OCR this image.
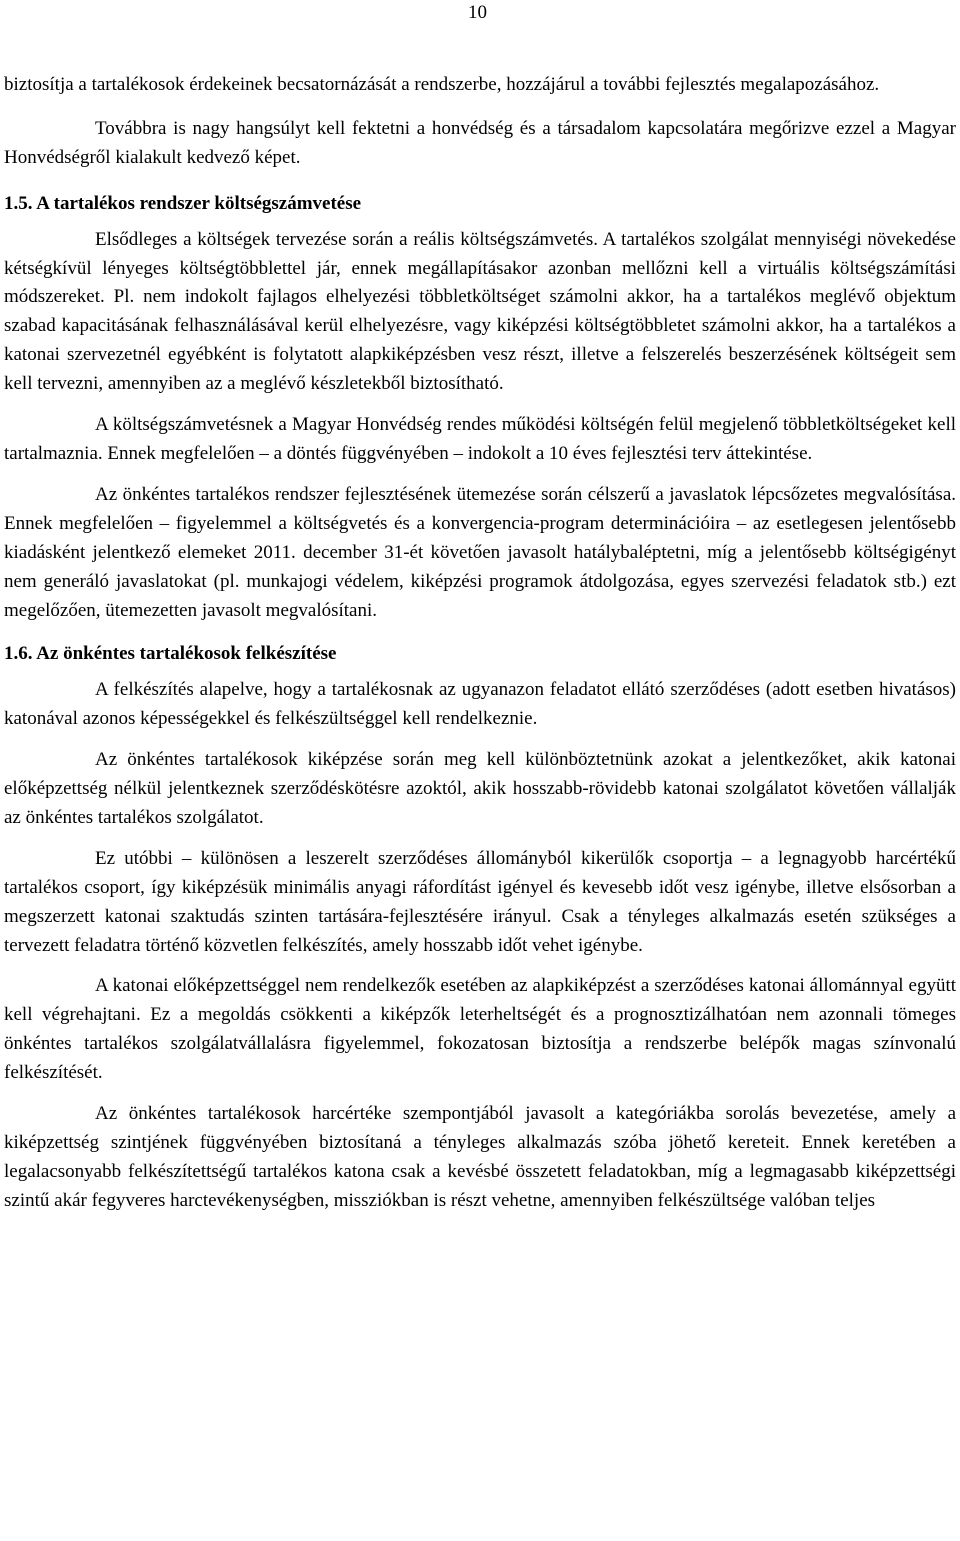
10

biztosítja a tartalékosok érdekeinek becsatornázását a rendszerbe, hozzájárul a további fejlesztés megalapozásához.

Továbbra is nagy hangsúlyt kell fektetni a honvédség és a társadalom kapcsolatára megőrizve ezzel a Magyar Honvédségről kialakult kedvező képet.

1.5. A tartalékos rendszer költségszámvetése

Elsődleges a költségek tervezése során a reális költségszámvetés. A tartalékos szolgálat mennyiségi növekedése kétségkívül lényeges költségtöbblettel jár, ennek megállapításakor azonban mellőzni kell a virtuális költségszámítási módszereket. Pl. nem indokolt fajlagos elhelyezési többletköltséget számolni akkor, ha a tartalékos meglévő objektum szabad kapacitásának felhasználásával kerül elhelyezésre, vagy kiképzési költségtöbbletet számolni akkor, ha a tartalékos a katonai szervezetnél egyébként is folytatott alapkiképzésben vesz részt, illetve a felszerelés beszerzésének költségeit sem kell tervezni, amennyiben az a meglévő készletekből biztosítható.

A költségszámvetésnek a Magyar Honvédség rendes működési költségén felül megjelenő többletköltségeket kell tartalmaznia. Ennek megfelelően – a döntés függvényében – indokolt a 10 éves fejlesztési terv áttekintése.

Az önkéntes tartalékos rendszer fejlesztésének ütemezése során célszerű a javaslatok lépcsőzetes megvalósítása. Ennek megfelelően – figyelemmel a költségvetés és a konvergencia-program determinációira – az esetlegesen jelentősebb kiadásként jelentkező elemeket 2011. december 31-ét követően javasolt hatálybaléptetni, míg a jelentősebb költségigényt nem generáló javaslatokat (pl. munkajogi védelem, kiképzési programok átdolgozása, egyes szervezési feladatok stb.) ezt megelőzően, ütemezetten javasolt megvalósítani.

1.6. Az önkéntes tartalékosok felkészítése

A felkészítés alapelve, hogy a tartalékosnak az ugyanazon feladatot ellátó szerződéses (adott esetben hivatásos) katonával azonos képességekkel és felkészültséggel kell rendelkeznie.

Az önkéntes tartalékosok kiképzése során meg kell különböztetnünk azokat a jelentkezőket, akik katonai előképzettség nélkül jelentkeznek szerződéskötésre azoktól, akik hosszabb-rövidebb katonai szolgálatot követően vállalják az önkéntes tartalékos szolgálatot.

Ez utóbbi – különösen a leszerelt szerződéses állományból kikerülők csoportja – a legnagyobb harcértékű tartalékos csoport, így kiképzésük minimális anyagi ráfordítást igényel és kevesebb időt vesz igénybe, illetve elsősorban a megszerzett katonai szaktudás szinten tartására-fejlesztésére irányul. Csak a tényleges alkalmazás esetén szükséges a tervezett feladatra történő közvetlen felkészítés, amely hosszabb időt vehet igénybe.

A katonai előképzettséggel nem rendelkezők esetében az alapkiképzést a szerződéses katonai állománnyal együtt kell végrehajtani. Ez a megoldás csökkenti a kiképzők leterheltségét és a prognosztizálhatóan nem azonnali tömeges önkéntes tartalékos szolgálatvállalásra figyelemmel, fokozatosan biztosítja a rendszerbe belépők magas színvonalú felkészítését.

Az önkéntes tartalékosok harcértéke szempontjából javasolt a kategóriákba sorolás bevezetése, amely a kiképzettség szintjének függvényében biztosítaná a tényleges alkalmazás szóba jöhető kereteit. Ennek keretében a legalacsonyabb felkészítettségű tartalékos katona csak a kevésbé összetett feladatokban, míg a legmagasabb kiképzettségi szintű akár fegyveres harctevékenységben, missziókban is részt vehetne, amennyiben felkészültsége valóban teljes
